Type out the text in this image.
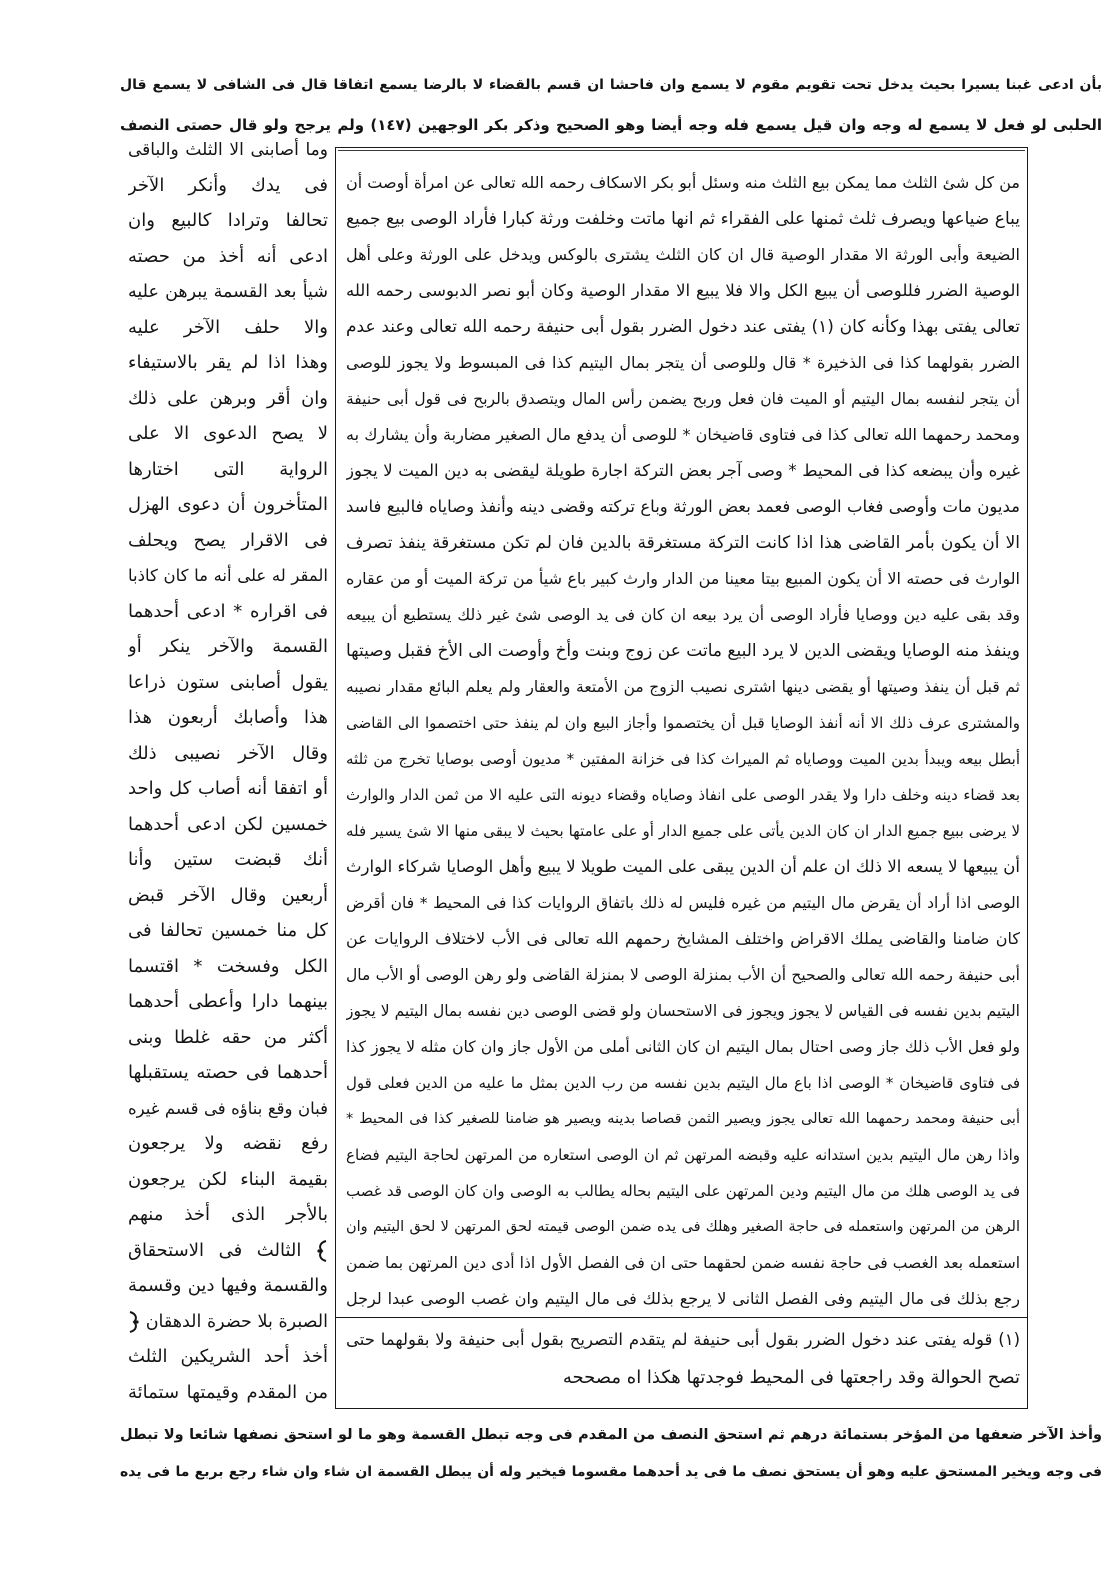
بأن ادعى غبنا يسيرا بحيث يدخل تحت تقويم مقوم لا يسمع وان فاحشا ان قسم بالقضاء لا بالرضا يسمع اتفاقا قال فى الشافى لا يسمع قال
الحلبى لو فعل لا يسمع له وجه وان قيل يسمع فله وجه أيضا وهو الصحيح وذكر بكر الوجهين (١٤٧) ولم يرجح ولو قال حصتى النصف
من كل شئ الثلث مما يمكن بيع الثلث منه وسئل أبو بكر الاسكاف رحمه الله تعالى عن امرأة أوصت أن
يباع ضياعها ويصرف ثلث ثمنها على الفقراء ثم انها ماتت وخلفت ورثة كبارا فأراد الوصى بيع جميع
الضيعة وأبى الورثة الا مقدار الوصية قال ان كان الثلث يشترى بالوكس ويدخل على الورثة وعلى أهل
الوصية الضرر فللوصى أن يبيع الكل والا فلا يبيع الا مقدار الوصية وكان أبو نصر الدبوسى رحمه الله
تعالى يفتى بهذا وكأنه كان (١) يفتى عند دخول الضرر بقول أبى حنيفة رحمه الله تعالى وعند عدم
الضرر بقولهما كذا فى الذخيرة * قال وللوصى أن يتجر بمال اليتيم كذا فى المبسوط ولا يجوز للوصى
أن يتجر لنفسه بمال اليتيم أو الميت فان فعل وربح يضمن رأس المال ويتصدق بالربح فى قول أبى حنيفة
ومحمد رحمهما الله تعالى كذا فى فتاوى قاضيخان * للوصى أن يدفع مال الصغير مضاربة وأن يشارك به
غيره وأن يبضعه كذا فى المحيط * وصى آجر بعض التركة اجارة طويلة ليقضى به دين الميت لا يجوز
مديون مات وأوصى فغاب الوصى فعمد بعض الورثة وباع تركته وقضى دينه وأنفذ وصاياه فالبيع فاسد
الا أن يكون بأمر القاضى هذا اذا كانت التركة مستغرقة بالدين فان لم تكن مستغرقة ينفذ تصرف
الوارث فى حصته الا أن يكون المبيع بيتا معينا من الدار وارث كبير باع شيأ من تركة الميت أو من عقاره
وقد بقى عليه دين ووصايا فأراد الوصى أن يرد بيعه ان كان فى يد الوصى شئ غير ذلك يستطيع أن يبيعه
وينفذ منه الوصايا ويقضى الدين لا يرد البيع ماتت عن زوج وبنت وأخ وأوصت الى الأخ فقبل وصيتها
ثم قبل أن ينفذ وصيتها أو يقضى دينها اشترى نصيب الزوج من الأمتعة والعقار ولم يعلم البائع مقدار نصيبه
والمشترى عرف ذلك الا أنه أنفذ الوصايا قبل أن يختصموا وأجاز البيع وان لم ينفذ حتى اختصموا الى القاضى
أبطل بيعه ويبدأ بدين الميت ووصاياه ثم الميراث كذا فى خزانة المفتين * مديون أوصى بوصايا تخرج من ثلثه
بعد قضاء دينه وخلف دارا ولا يقدر الوصى على انفاذ وصاياه وقضاء ديونه التى عليه الا من ثمن الدار والوارث
لا يرضى ببيع جميع الدار ان كان الدين يأتى على جميع الدار أو على عامتها بحيث لا يبقى منها الا شئ يسير فله
أن يبيعها لا يسعه الا ذلك ان علم أن الدين يبقى على الميت طويلا لا يبيع وأهل الوصايا شركاء الوارث
الوصى اذا أراد أن يقرض مال اليتيم من غيره فليس له ذلك باتفاق الروايات كذا فى المحيط * فان أقرض
كان ضامنا والقاضى يملك الاقراض واختلف المشايخ رحمهم الله تعالى فى الأب لاختلاف الروايات عن
أبى حنيفة رحمه الله تعالى والصحيح أن الأب بمنزلة الوصى لا بمنزلة القاضى ولو رهن الوصى أو الأب مال
اليتيم بدين نفسه فى القياس لا يجوز ويجوز فى الاستحسان ولو قضى الوصى دين نفسه بمال اليتيم لا يجوز
ولو فعل الأب ذلك جاز وصى احتال بمال اليتيم ان كان الثانى أملى من الأول جاز وان كان مثله لا يجوز كذا
فى فتاوى قاضيخان * الوصى اذا باع مال اليتيم بدين نفسه من رب الدين بمثل ما عليه من الدين فعلى قول
أبى حنيفة ومحمد رحمهما الله تعالى يجوز ويصير الثمن قصاصا بدينه ويصير هو ضامنا للصغير كذا فى المحيط *
واذا رهن مال اليتيم بدين استدانه عليه وقبضه المرتهن ثم ان الوصى استعاره من المرتهن لحاجة اليتيم فضاع
فى يد الوصى هلك من مال اليتيم ودين المرتهن على اليتيم بحاله يطالب به الوصى وان كان الوصى قد غصب
الرهن من المرتهن واستعمله فى حاجة الصغير وهلك فى يده ضمن الوصى قيمته لحق المرتهن لا لحق اليتيم وان
استعمله بعد الغصب فى حاجة نفسه ضمن لحقهما حتى ان فى الفصل الأول اذا أدى دين المرتهن بما ضمن
رجع بذلك فى مال اليتيم وفى الفصل الثانى لا يرجع بذلك فى مال اليتيم وان غصب الوصى عبدا لرجل
(١) قوله يفتى عند دخول الضرر بقول أبى حنيفة لم يتقدم التصريح بقول أبى حنيفة ولا بقولهما حتى
تصح الحوالة وقد راجعتها فى المحيط فوجدتها هكذا اه مصححه
وما أصابنى الا الثلث والباقى
فى يدك وأنكر الآخر
تحالفا وترادا كالبيع وان
ادعى أنه أخذ من حصته
شيأ بعد القسمة يبرهن عليه
والا حلف الآخر عليه
وهذا اذا لم يقر بالاستيفاء
وان أقر وبرهن على ذلك
لا يصح الدعوى الا على
الرواية التى اختارها
المتأخرون أن دعوى الهزل
فى الاقرار يصح ويحلف
المقر له على أنه ما كان كاذبا
فى اقراره * ادعى أحدهما
القسمة والآخر ينكر أو
يقول أصابنى ستون ذراعا
هذا وأصابك أربعون هذا
وقال الآخر نصيبى ذلك
أو اتفقا أنه أصاب كل واحد
خمسين لكن ادعى أحدهما
أنك قبضت ستين وأنا
أربعين وقال الآخر قبض
كل منا خمسين تحالفا فى
الكل وفسخت * اقتسما
بينهما دارا وأعطى أحدهما
أكثر من حقه غلطا وبنى
أحدهما فى حصته يستقبلها
فبان وقع بناؤه فى قسم غيره
رفع نقضه ولا يرجعون
بقيمة البناء لكن يرجعون
بالأجر الذى أخذ منهم
الثالث فى الاستحقاق
والقسمة وفيها دين وقسمة
الصبرة بلا حضرة الدهقان
أخذ أحد الشريكين الثلث
من المقدم وقيمتها ستمائة
وأخذ الآخر ضعفها من المؤخر بستمائة درهم ثم استحق النصف من المقدم فى وجه تبطل القسمة وهو ما لو استحق نصفها شائعا ولا تبطل
فى وجه ويخير المستحق عليه وهو أن يستحق نصف ما فى يد أحدهما مقسوما فيخير وله أن يبطل القسمة ان شاء وان شاء رجع بربع ما فى يده
